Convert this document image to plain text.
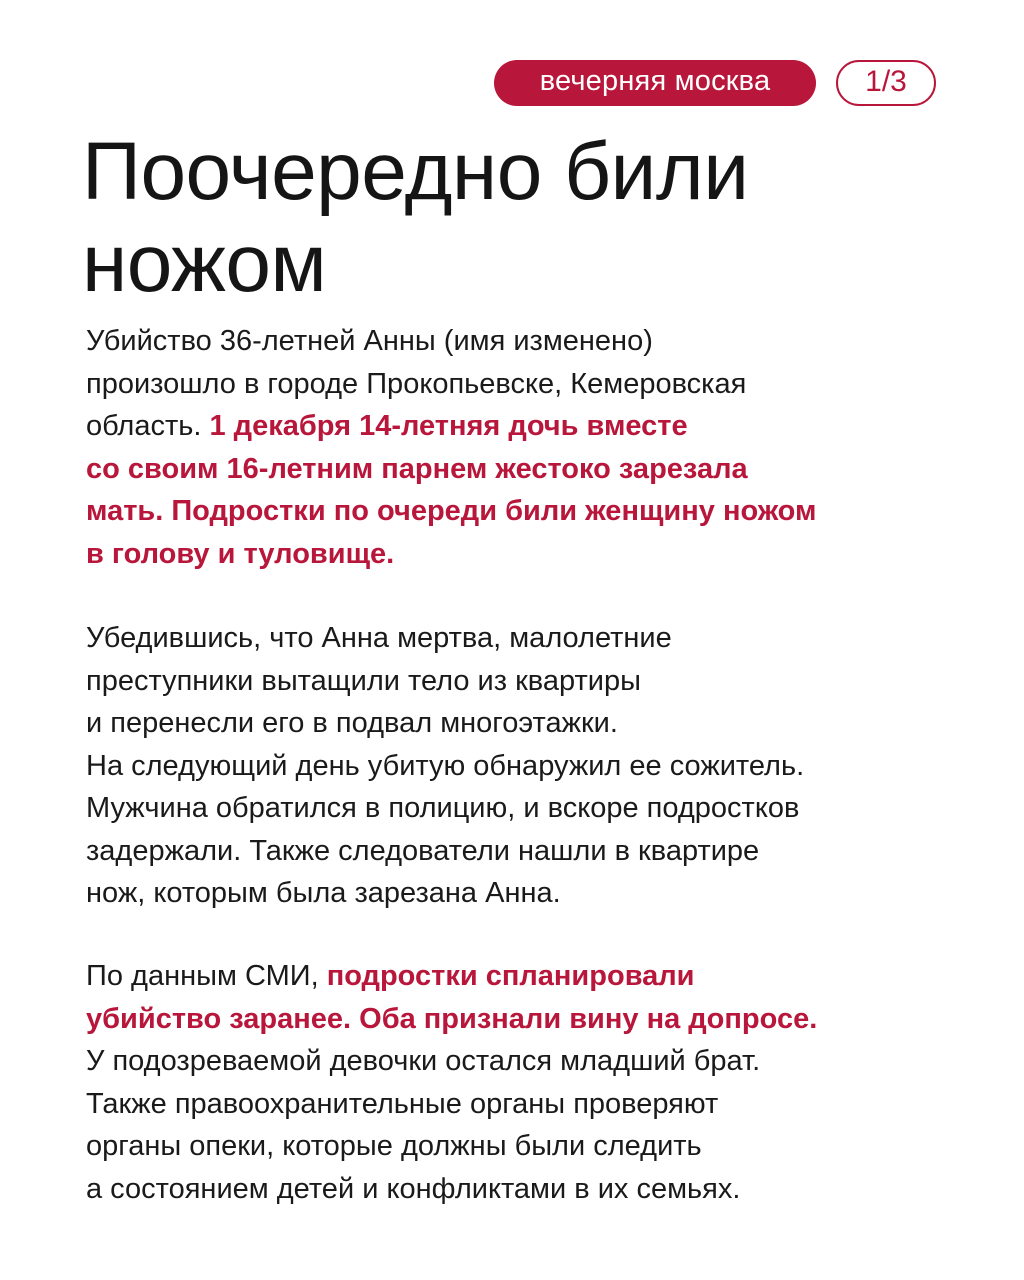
вечерняя москва	1/3
Поочередно били
ножом

Убийство 36-летней Анны (имя изменено)
произошло в городе Прокопьевске, Кемеровская
область. 1 декабря 14-летняя дочь вместе
со своим 16-летним парнем жестоко зарезала
мать. Подростки по очереди били женщину ножом
в голову и туловище.

Убедившись, что Анна мертва, малолетние
преступники вытащили тело из квартиры
и перенесли его в подвал многоэтажки.
На следующий день убитую обнаружил ее сожитель.
Мужчина обратился в полицию, и вскоре подростков
задержали. Также следователи нашли в квартире
нож, которым была зарезана Анна.

По данным СМИ, подростки спланировали
убийство заранее. Оба признали вину на допросе.
У подозреваемой девочки остался младший брат.
Также правоохранительные органы проверяют
органы опеки, которые должны были следить
а состоянием детей и конфликтами в их семьях.
